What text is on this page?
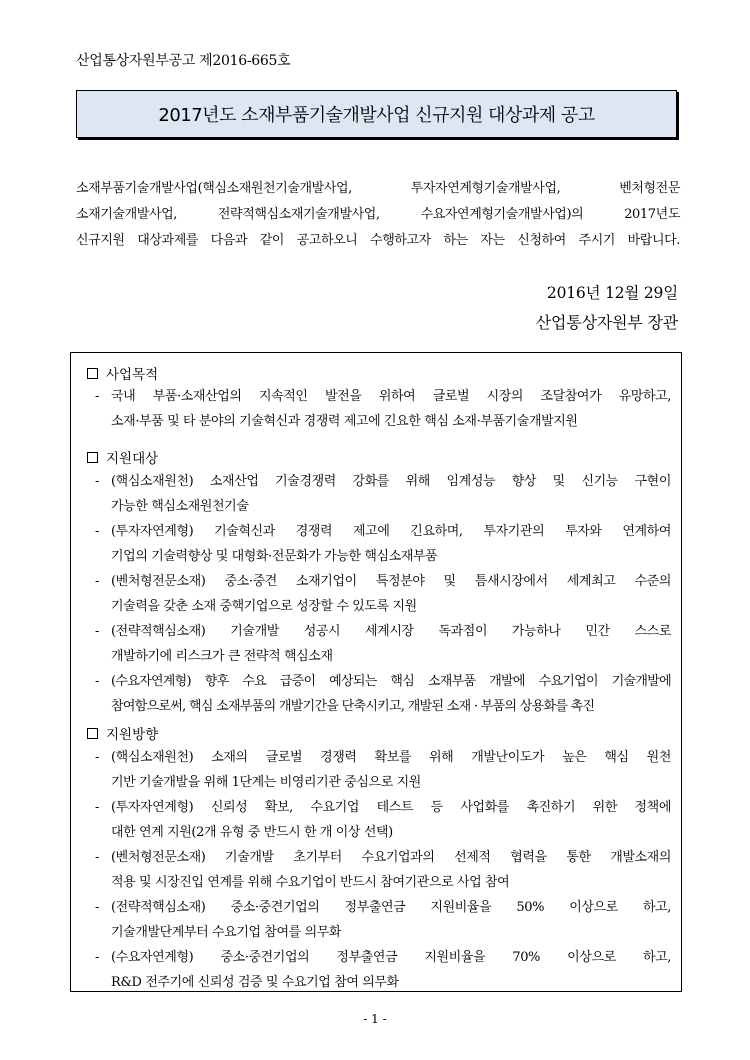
산업통상자원부공고 제2016-665호
2017년도 소재부품기술개발사업 신규지원 대상과제 공고
소재부품기술개발사업(핵심소재원천기술개발사업, 투자자연계형기술개발사업, 벤처형전문
소재기술개발사업, 전략적핵심소재기술개발사업, 수요자연계형기술개발사업)의 2017년도
신규지원 대상과제를 다음과 같이 공고하오니 수행하고자 하는 자는 신청하여 주시기 바랍니다.
2016년 12월 29일
산업통상자원부 장관
사업목적
- 국내 부품·소재산업의 지속적인 발전을 위하여 글로벌 시장의 조달참여가 유망하고,
소재·부품 및 타 분야의 기술혁신과 경쟁력 제고에 긴요한 핵심 소재·부품기술개발지원
지원대상
- (핵심소재원천) 소재산업 기술경쟁력 강화를 위해 임계성능 향상 및 신기능 구현이
가능한 핵심소재원천기술
- (투자자연계형) 기술혁신과 경쟁력 제고에 긴요하며, 투자기관의 투자와 연계하여
기업의 기술력향상 및 대형화·전문화가 가능한 핵심소재부품
- (벤처형전문소재) 중소·중견 소재기업이 특정분야 및 틈새시장에서 세계최고 수준의
기술력을 갖춘 소재 중핵기업으로 성장할 수 있도록 지원
- (전략적핵심소재) 기술개발 성공시 세계시장 독과점이 가능하나 민간 스스로
개발하기에 리스크가 큰 전략적 핵심소재
- (수요자연계형) 향후 수요 급증이 예상되는 핵심 소재부품 개발에 수요기업이 기술개발에
참여함으로써, 핵심 소재부품의 개발기간을 단축시키고, 개발된 소재 · 부품의 상용화를 촉진
지원방향
- (핵심소재원천) 소재의 글로벌 경쟁력 확보를 위해 개발난이도가 높은 핵심 원천
기반 기술개발을 위해 1단계는 비영리기관 중심으로 지원
- (투자자연계형) 신뢰성 확보, 수요기업 테스트 등 사업화를 촉진하기 위한 정책에
대한 연계 지원(2개 유형 중 반드시 한 개 이상 선택)
- (벤처형전문소재) 기술개발 초기부터 수요기업과의 선제적 협력을 통한 개발소재의
적용 및 시장진입 연계를 위해 수요기업이 반드시 참여기관으로 사업 참여
- (전략적핵심소재) 중소·중견기업의 정부출연금 지원비율을 50% 이상으로 하고,
기술개발단계부터 수요기업 참여를 의무화
- (수요자연계형) 중소·중견기업의 정부출연금 지원비율을 70% 이상으로 하고,
R&D 전주기에 신뢰성 검증 및 수요기업 참여 의무화
- 1 -
